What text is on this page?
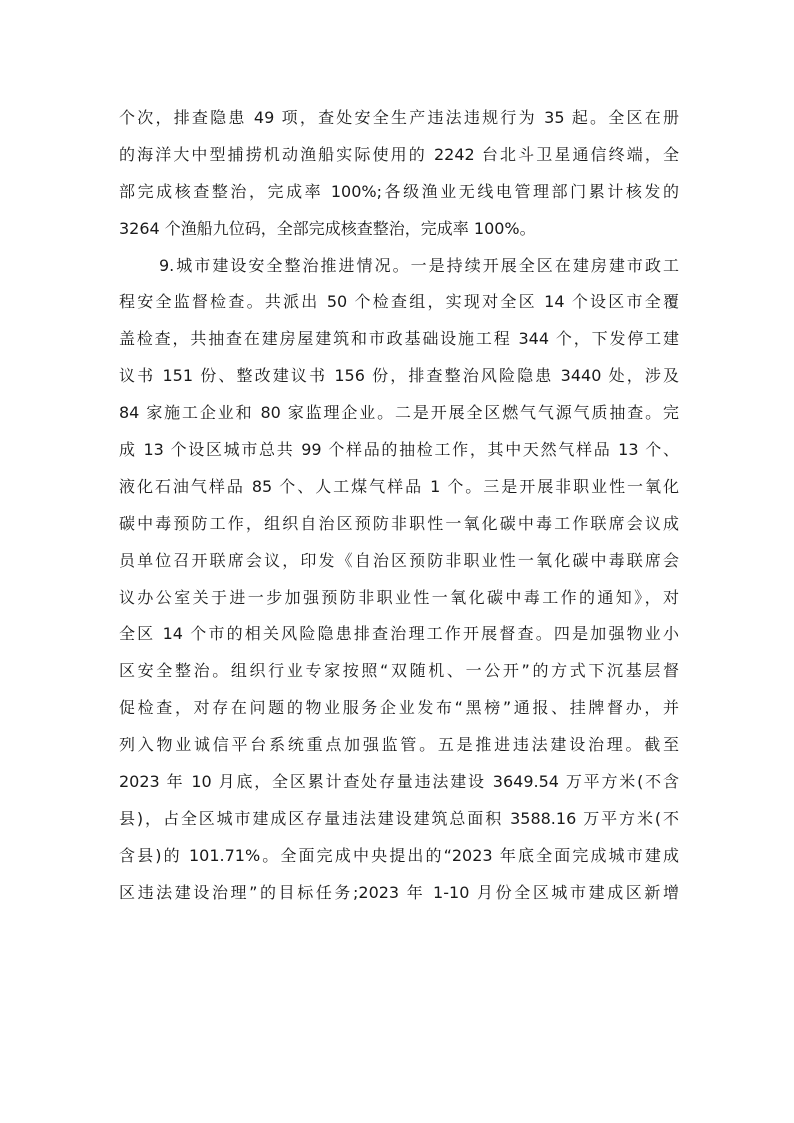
个次，排查隐患 49 项，查处安全生产违法违规行为 35 起。全区在册
的海洋大中型捕捞机动渔船实际使用的 2242 台北斗卫星通信终端，全
部完成核查整治，完成率 100%;各级渔业无线电管理部门累计核发的
3264 个渔船九位码，全部完成核查整治，完成率 100%。
9.城市建设安全整治推进情况。一是持续开展全区在建房建市政工
程安全监督检查。共派出 50 个检查组，实现对全区 14 个设区市全覆
盖检查，共抽查在建房屋建筑和市政基础设施工程 344 个，下发停工建
议书 151 份、整改建议书 156 份，排查整治风险隐患 3440 处，涉及
84 家施工企业和 80 家监理企业。二是开展全区燃气气源气质抽查。完
成 13 个设区城市总共 99 个样品的抽检工作，其中天然气样品 13 个、
液化石油气样品 85 个、人工煤气样品 1 个。三是开展非职业性一氧化
碳中毒预防工作，组织自治区预防非职性一氧化碳中毒工作联席会议成
员单位召开联席会议，印发《自治区预防非职业性一氧化碳中毒联席会
议办公室关于进一步加强预防非职业性一氧化碳中毒工作的通知》，对
全区 14 个市的相关风险隐患排查治理工作开展督查。四是加强物业小
区安全整治。组织行业专家按照“双随机、一公开”的方式下沉基层督
促检查，对存在问题的物业服务企业发布“黑榜”通报、挂牌督办，并
列入物业诚信平台系统重点加强监管。五是推进违法建设治理。截至
2023 年 10 月底，全区累计查处存量违法建设 3649.54 万平方米(不含
县)，占全区城市建成区存量违法建设建筑总面积 3588.16 万平方米(不
含县)的 101.71%。全面完成中央提出的“2023 年底全面完成城市建成
区违法建设治理”的目标任务;2023 年 1-10 月份全区城市建成区新增
